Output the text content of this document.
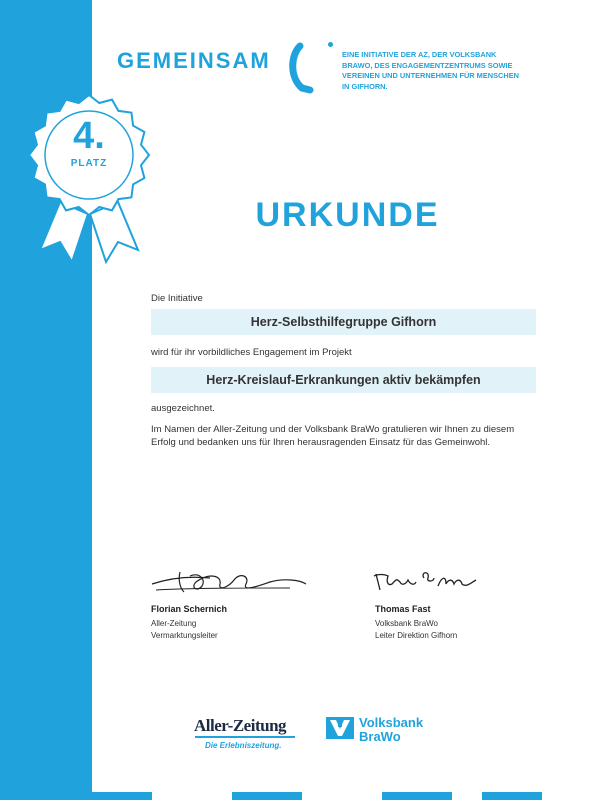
GEMEINSAM	EINE INITIATIVE DER AZ, DER VOLKSBANK BRAWO, DES ENGAGEMENTZENTRUMS SOWIE VEREINEN UND UNTERNEHMEN FÜR MENSCHEN IN GIFHORN.
4.
PLATZ
URKUNDE
Die Initiative
Herz-Selbsthilfegruppe Gifhorn
wird für ihr vorbildliches Engagement im Projekt
Herz-Kreislauf-Erkrankungen aktiv bekämpfen
ausgezeichnet.
Im Namen der Aller-Zeitung und der Volksbank BraWo gratulieren wir Ihnen zu diesem Erfolg und bedanken uns für Ihren herausragenden Einsatz für das Gemeinwohl.
Florian Schernich
Aller-Zeitung
Vermarktungsleiter
Thomas Fast
Volksbank BraWo
Leiter Direktion Gifhorn
Aller-Zeitung
Die Erlebniszeitung.
Volksbank
BraWo
